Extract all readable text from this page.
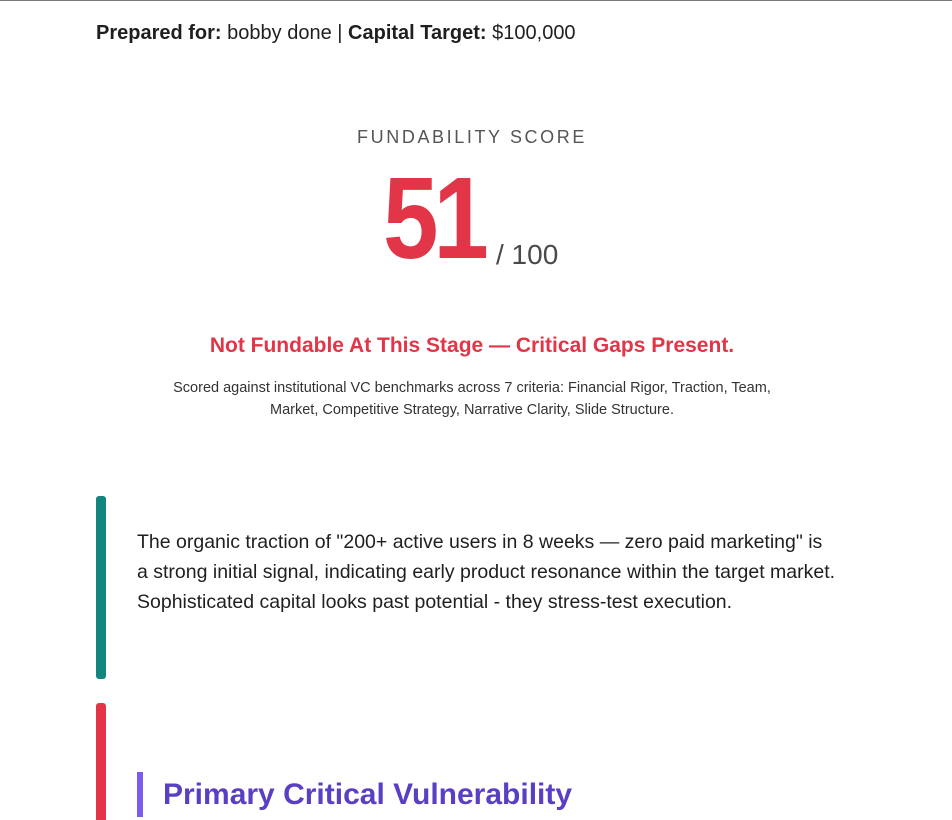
Prepared for: bobby done | Capital Target: $100,000
FUNDABILITY SCORE
51 / 100
Not Fundable At This Stage — Critical Gaps Present.
Scored against institutional VC benchmarks across 7 criteria: Financial Rigor, Traction, Team, Market, Competitive Strategy, Narrative Clarity, Slide Structure.
The organic traction of "200+ active users in 8 weeks — zero paid marketing" is a strong initial signal, indicating early product resonance within the target market. Sophisticated capital looks past potential - they stress-test execution.
Primary Critical Vulnerability
